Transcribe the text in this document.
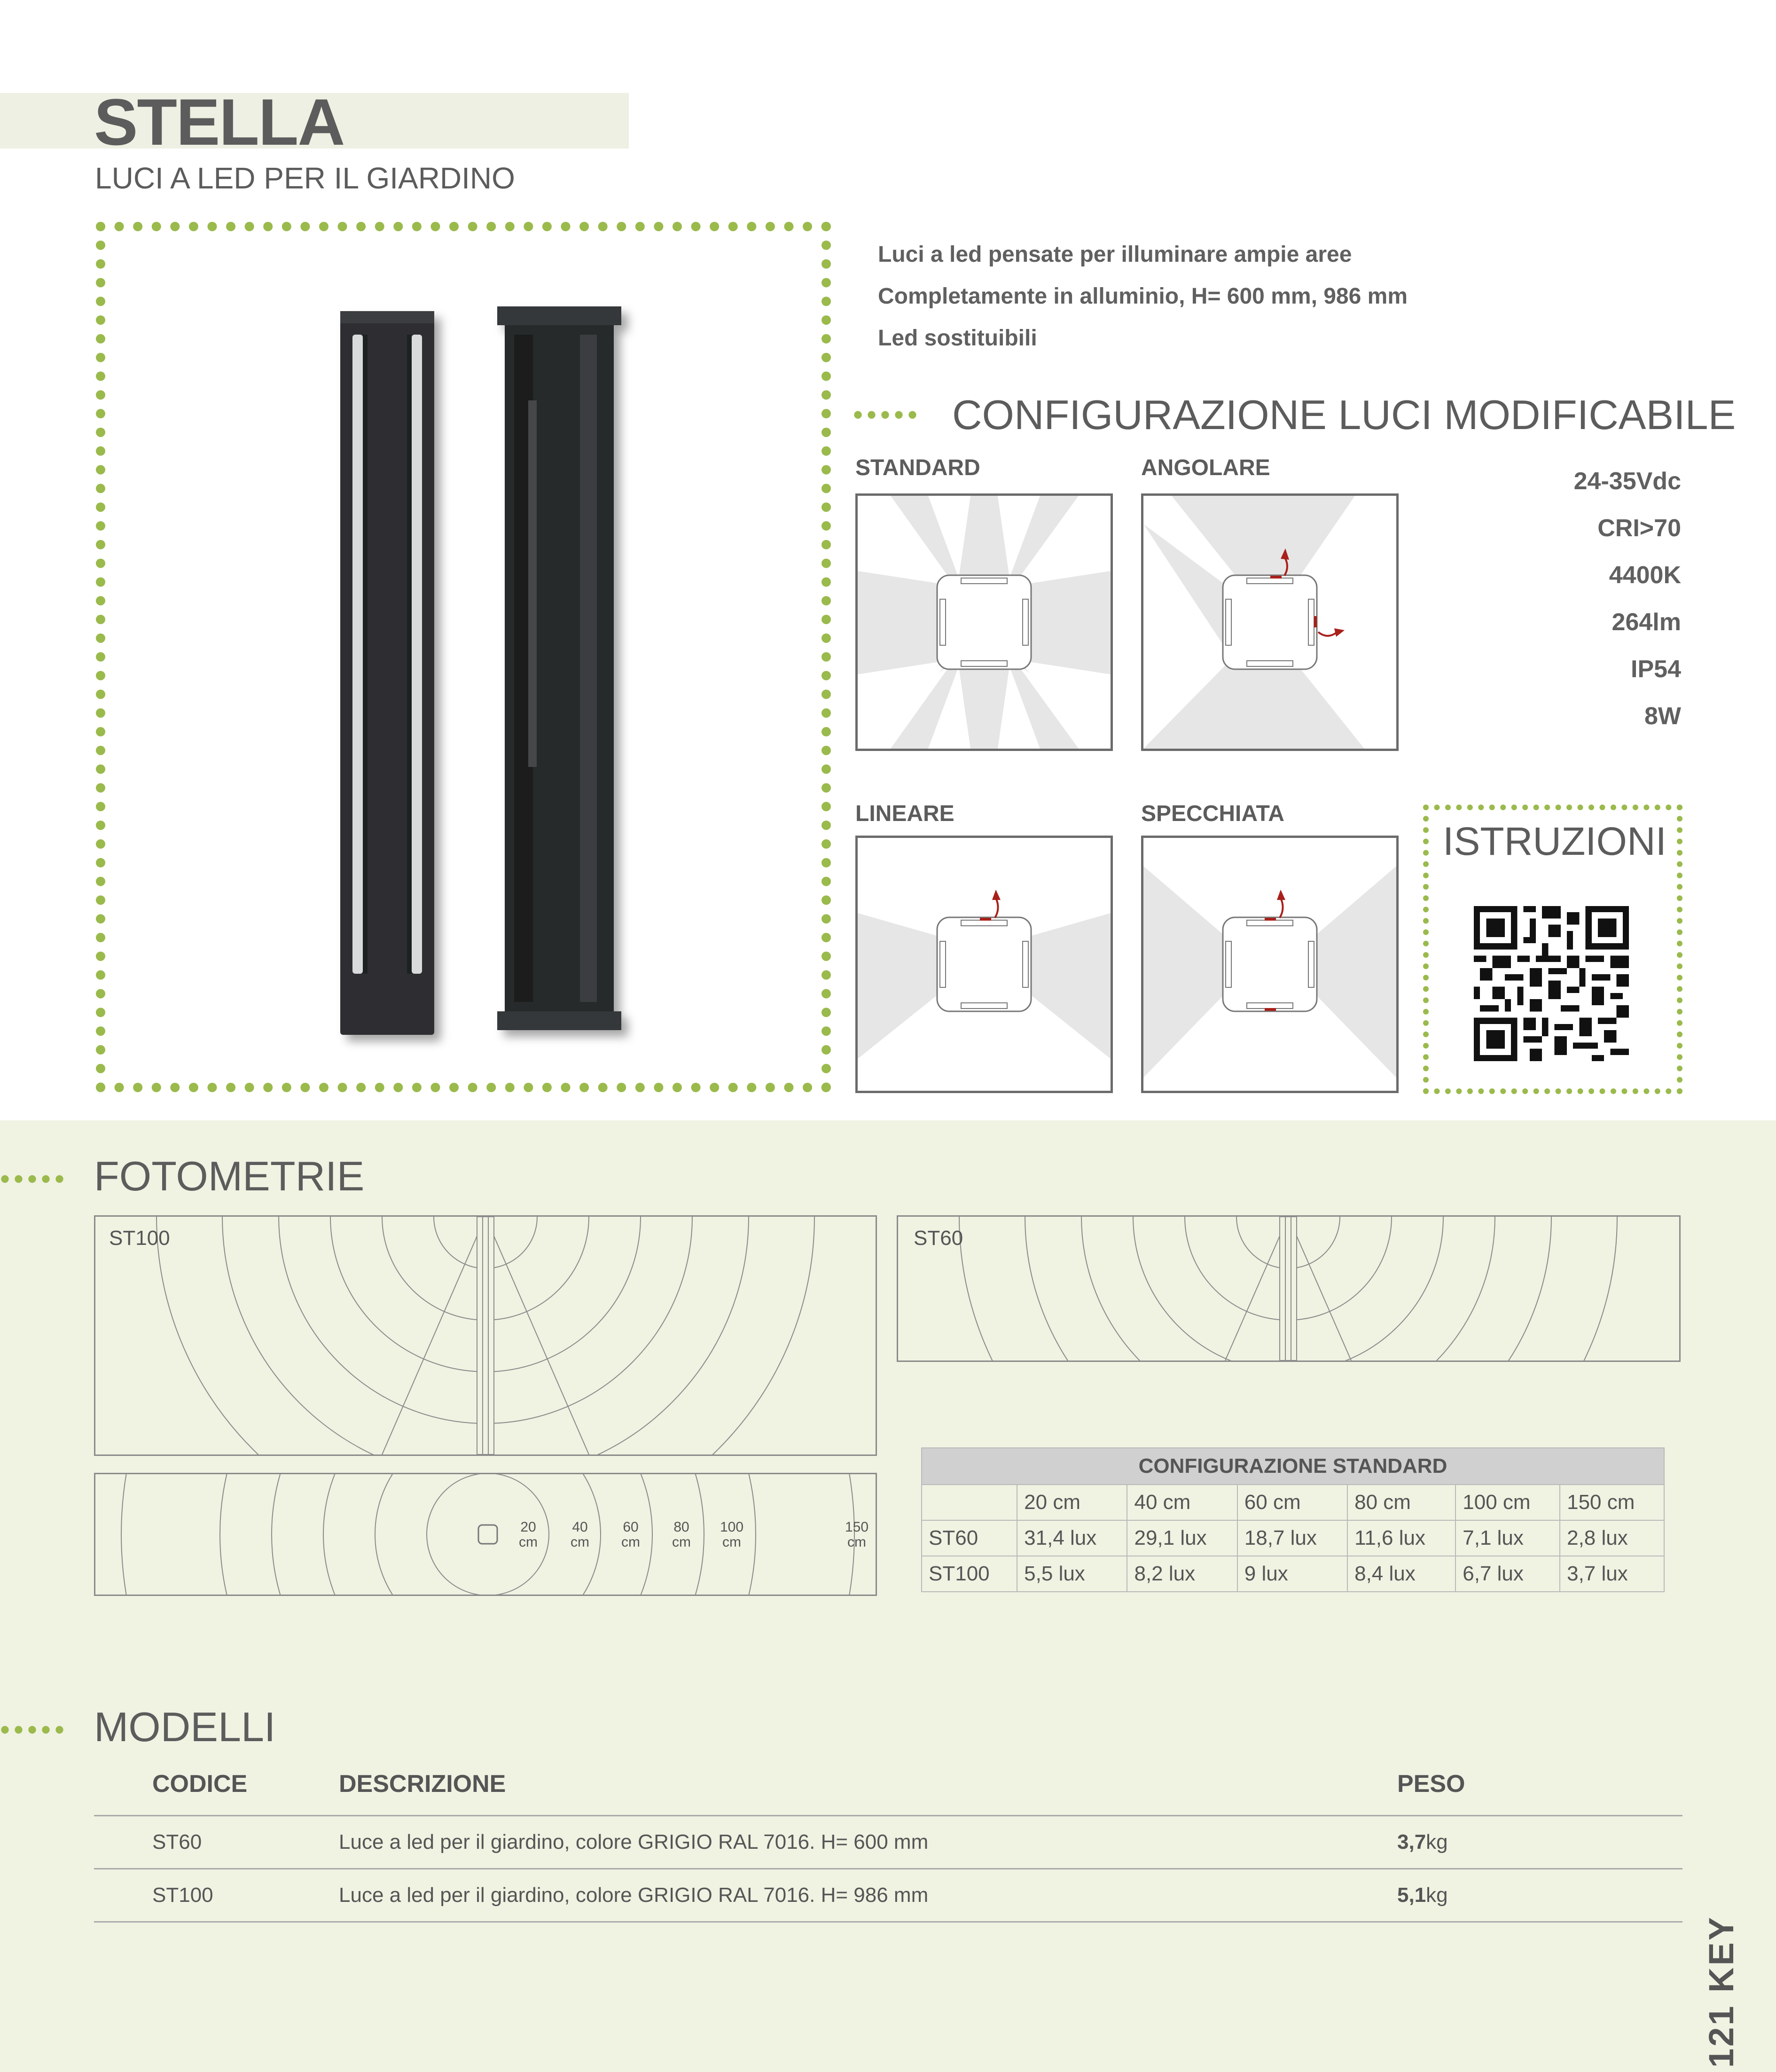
STELLA
LUCI A LED PER IL GIARDINO
Luci a led pensate per illuminare ampie aree
Completamente in alluminio, H= 600 mm, 986 mm
Led sostituibili
••••• CONFIGURAZIONE LUCI MODIFICABILE
STANDARD	ANGOLARE
LINEARE	SPECCHIATA
24-35Vdc
CRI>70
4400K
264lm
IP54
8W
ISTRUZIONI
••••• FOTOMETRIE
ST100	ST60
20
cm
40
cm
60
cm
80
cm
100
cm
150
cm
CONFIGURAZIONE STANDARD						
	20 cm	40 cm	60 cm	80 cm	100 cm	150 cm
ST60	31,4 lux	29,1 lux	18,7 lux	11,6 lux	7,1 lux	2,8 lux
ST100	5,5 lux	8,2 lux	9 lux	8,4 lux	6,7 lux	3,7 lux
••••• MODELLI
CODICE	DESCRIZIONE	PESO
ST60	Luce a led per il giardino, colore GRIGIO RAL 7016. H= 600 mm	3,7kg
ST100	Luce a led per il giardino, colore GRIGIO RAL 7016. H= 986 mm	5,1kg
121 KEY
